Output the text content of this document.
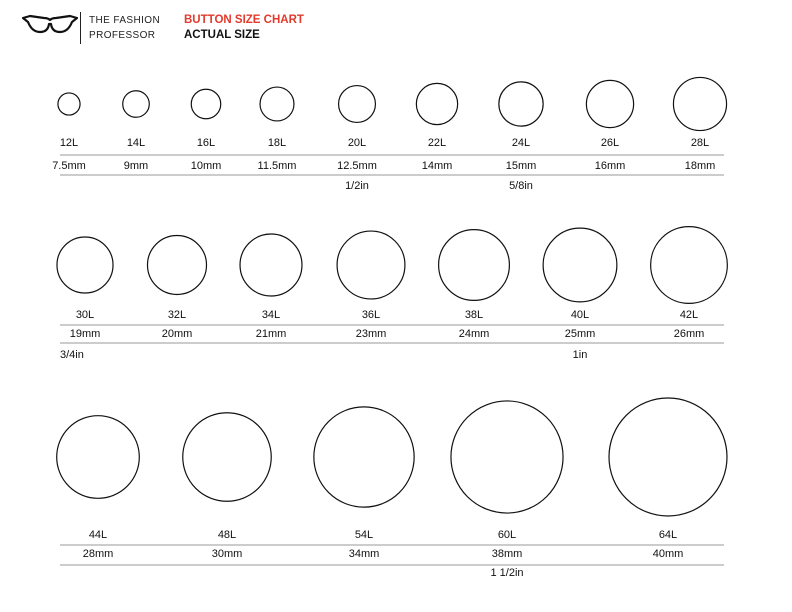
THE FASHION
PROFESSOR
BUTTON SIZE CHART
ACTUAL SIZE
12L
7.5mm
14L
9mm
16L
10mm
18L
11.5mm
20L
12.5mm
22L
14mm
24L
15mm
26L
16mm
28L
18mm
1/2in	5/8in
30L
19mm
32L
20mm
34L
21mm
36L
23mm
38L
24mm
40L
25mm
42L
26mm
3/4in	1in
44L
28mm
48L
30mm
54L
34mm
60L
38mm
64L
40mm
1 1/2in
